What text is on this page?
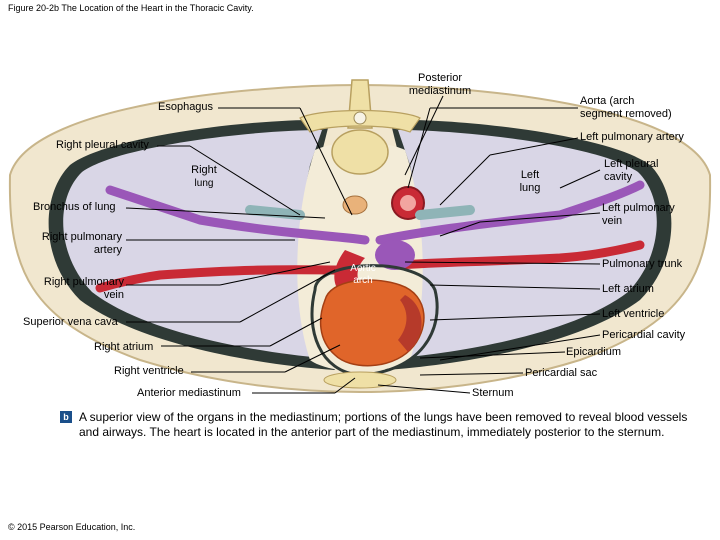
Figure 20-2b The Location of the Heart in the Thoracic Cavity.
Posterior
mediastinum
Esophagus	Aorta (arch
segment removed)
Left pulmonary artery
Right pleural cavity
Right
lung
Left
lung
Left pleural
cavity
Bronchus of lung	Left pulmonary
vein
Right pulmonary
artery
Aortic
arch
Pulmonary trunk
Right pulmonary
vein	Left atrium
Left ventricle
Superior vena cava
Pericardial cavity
Right atrium	Epicardium
Right ventricle	Pericardial sac
Anterior mediastinum	Sternum
b A superior view of the organs in the mediastinum; portions of the lungs have been removed to reveal blood vessels and airways. The heart is located in the anterior part of the mediastinum, immediately posterior to the sternum.
© 2015 Pearson Education, Inc.
